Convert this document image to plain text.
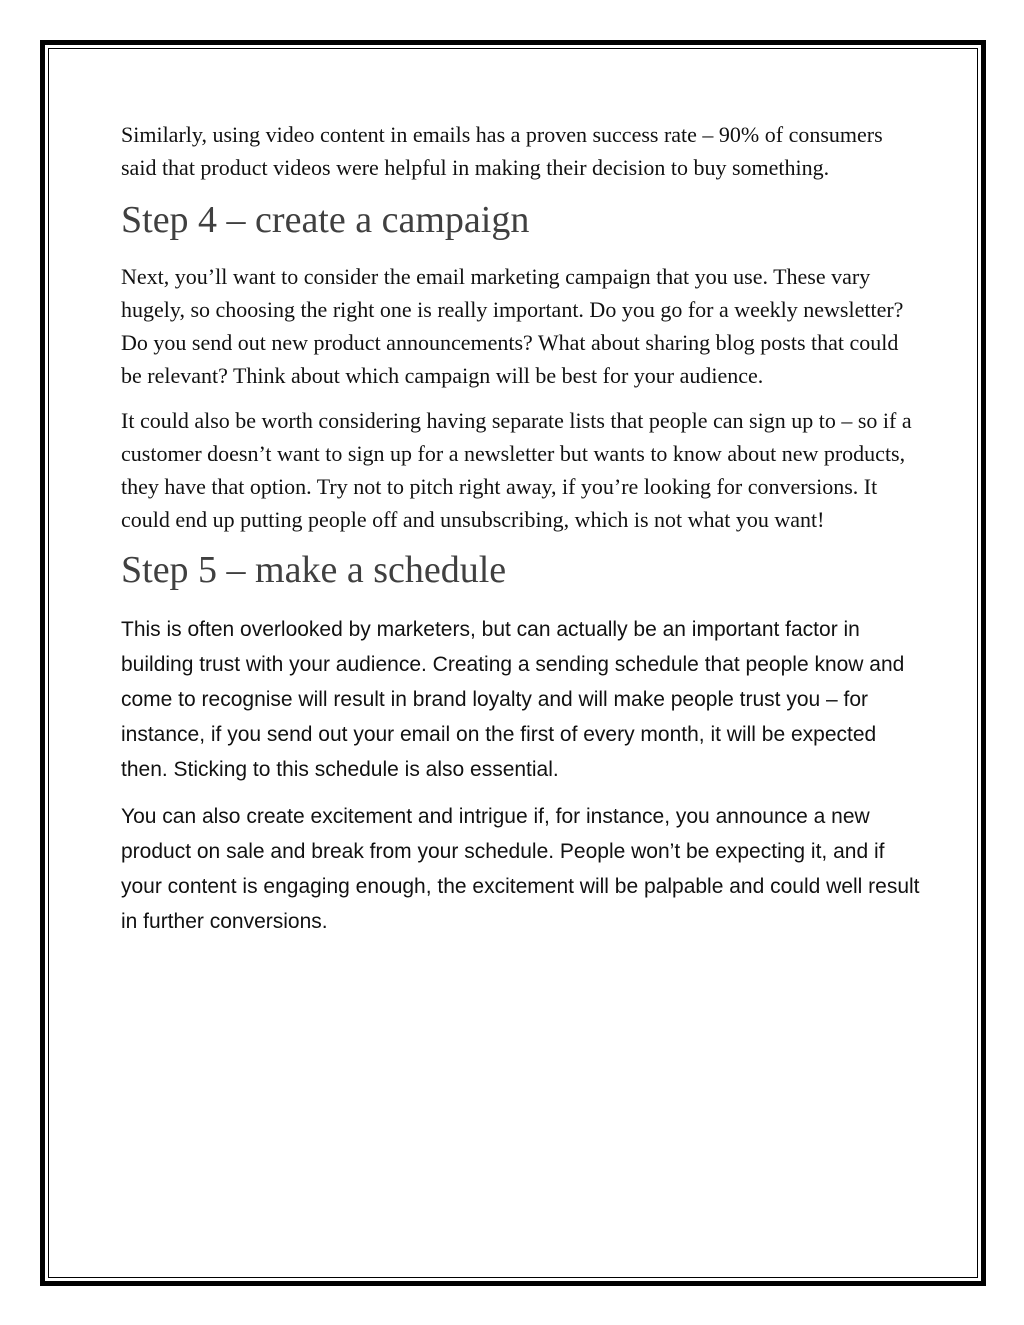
Similarly, using video content in emails has a proven success rate – 90% of consumers said that product videos were helpful in making their decision to buy something.

Step 4 – create a campaign

Next, you’ll want to consider the email marketing campaign that you use. These vary hugely, so choosing the right one is really important. Do you go for a weekly newsletter? Do you send out new product announcements? What about sharing blog posts that could be relevant? Think about which campaign will be best for your audience.

It could also be worth considering having separate lists that people can sign up to – so if a customer doesn’t want to sign up for a newsletter but wants to know about new products, they have that option. Try not to pitch right away, if you’re looking for conversions. It could end up putting people off and unsubscribing, which is not what you want!

Step 5 – make a schedule

This is often overlooked by marketers, but can actually be an important factor in building trust with your audience. Creating a sending schedule that people know and come to recognise will result in brand loyalty and will make people trust you – for instance, if you send out your email on the first of every month, it will be expected then. Sticking to this schedule is also essential.

You can also create excitement and intrigue if, for instance, you announce a new product on sale and break from your schedule. People won’t be expecting it, and if your content is engaging enough, the excitement will be palpable and could well result in further conversions.
